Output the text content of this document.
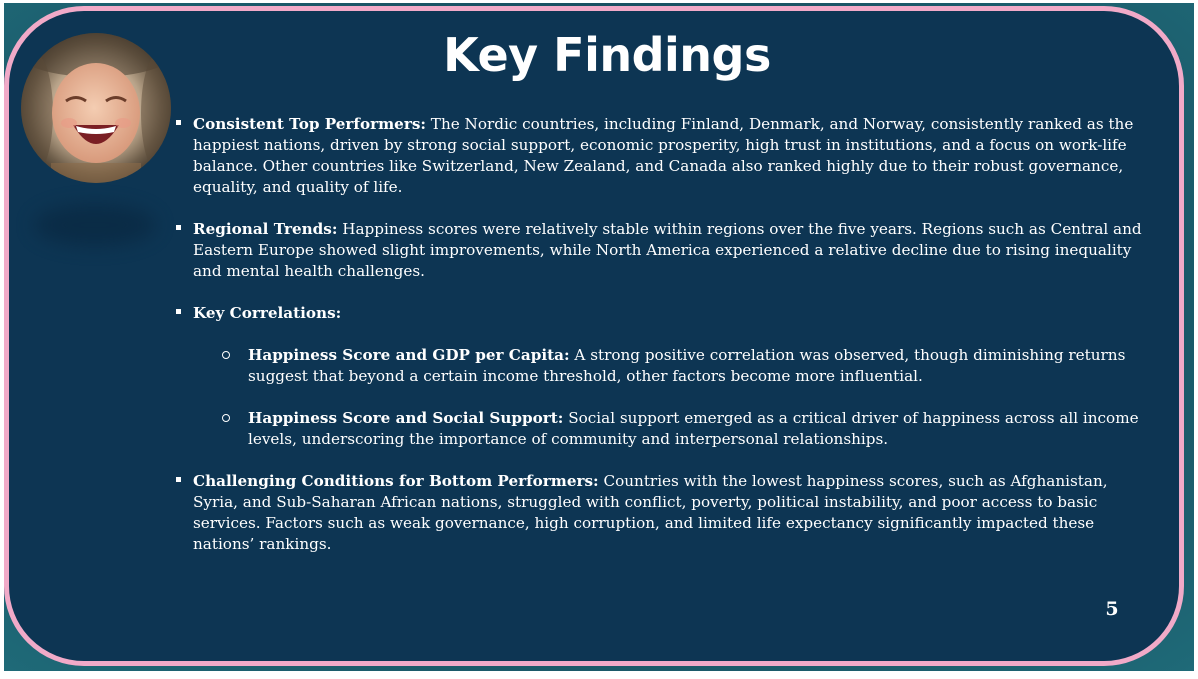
Key Findings
Consistent Top Performers: The Nordic countries, including Finland, Denmark, and Norway, consistently ranked as the happiest nations, driven by strong social support, economic prosperity, high trust in institutions, and a focus on work-life balance. Other countries like Switzerland, New Zealand, and Canada also ranked highly due to their robust governance, equality, and quality of life.
Regional Trends: Happiness scores were relatively stable within regions over the five years. Regions such as Central and Eastern Europe showed slight improvements, while North America experienced a relative decline due to rising inequality and mental health challenges.
Key Correlations:
Happiness Score and GDP per Capita: A strong positive correlation was observed, though diminishing returns suggest that beyond a certain income threshold, other factors become more influential.
Happiness Score and Social Support: Social support emerged as a critical driver of happiness across all income levels, underscoring the importance of community and interpersonal relationships.
Challenging Conditions for Bottom Performers: Countries with the lowest happiness scores, such as Afghanistan, Syria, and Sub-Saharan African nations, struggled with conflict, poverty, political instability, and poor access to basic services. Factors such as weak governance, high corruption, and limited life expectancy significantly impacted these nations’ rankings.
5
